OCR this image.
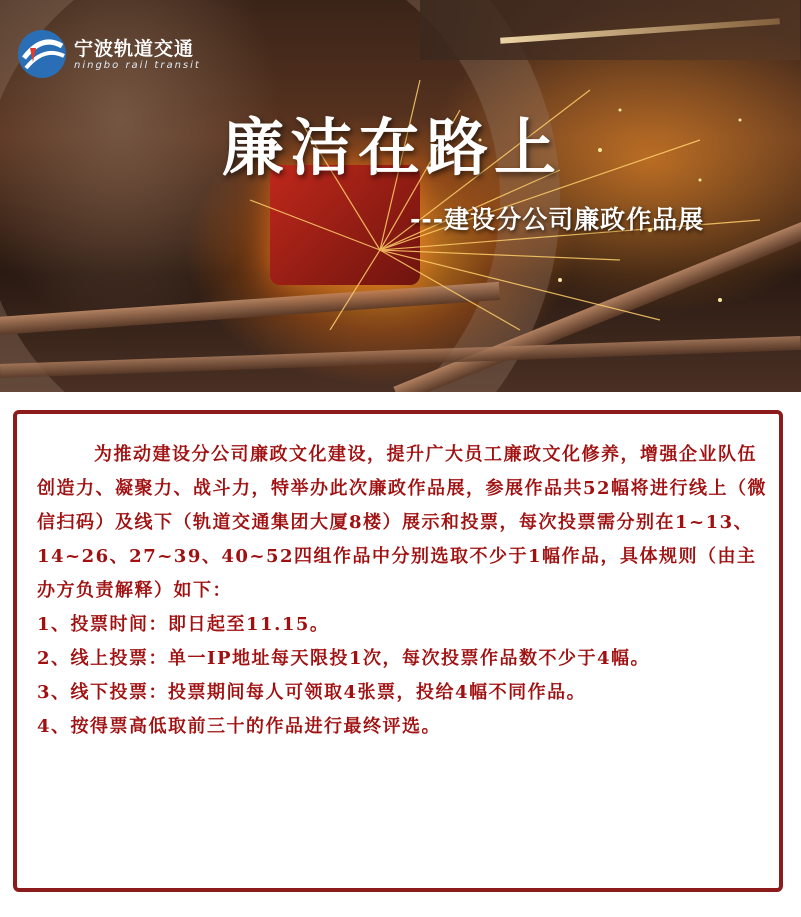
宁波轨道交通
ningbo rail transit
廉洁在路上
---建设分公司廉政作品展

为推动建设分公司廉政文化建设，提升广大员工廉政文化修养，增强企业队伍创造力、凝聚力、战斗力，特举办此次廉政作品展，参展作品共52幅将进行线上（微信扫码）及线下（轨道交通集团大厦8楼）展示和投票，每次投票需分别在1~13、14~26、27~39、40~52四组作品中分别选取不少于1幅作品，具体规则（由主办方负责解释）如下：

1、投票时间：即日起至11.15。

2、线上投票：单一IP地址每天限投1次，每次投票作品数不少于4幅。

3、线下投票：投票期间每人可领取4张票，投给4幅不同作品。

4、按得票高低取前三十的作品进行最终评选。
